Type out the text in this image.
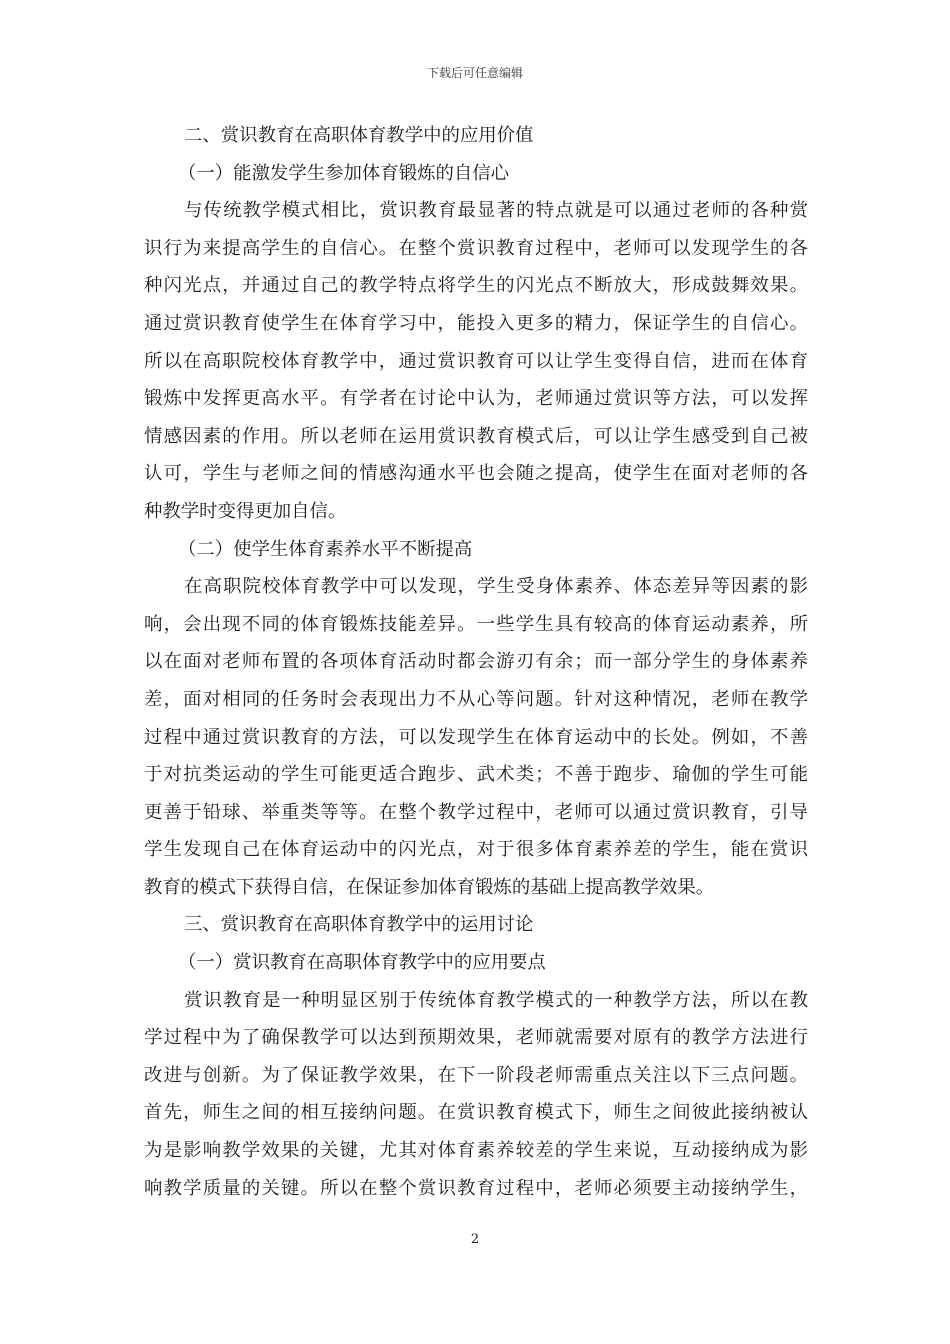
下载后可任意编辑
二、赏识教育在高职体育教学中的应用价值
（一）能激发学生参加体育锻炼的自信心
与传统教学模式相比，赏识教育最显著的特点就是可以通过老师的各种赏
识行为来提高学生的自信心。在整个赏识教育过程中，老师可以发现学生的各
种闪光点，并通过自己的教学特点将学生的闪光点不断放大，形成鼓舞效果。
通过赏识教育使学生在体育学习中，能投入更多的精力，保证学生的自信心。
所以在高职院校体育教学中，通过赏识教育可以让学生变得自信，进而在体育
锻炼中发挥更高水平。有学者在讨论中认为，老师通过赏识等方法，可以发挥
情感因素的作用。所以老师在运用赏识教育模式后，可以让学生感受到自己被
认可，学生与老师之间的情感沟通水平也会随之提高，使学生在面对老师的各
种教学时变得更加自信。
（二）使学生体育素养水平不断提高
在高职院校体育教学中可以发现，学生受身体素养、体态差异等因素的影
响，会出现不同的体育锻炼技能差异。一些学生具有较高的体育运动素养，所
以在面对老师布置的各项体育活动时都会游刃有余；而一部分学生的身体素养
差，面对相同的任务时会表现出力不从心等问题。针对这种情况，老师在教学
过程中通过赏识教育的方法，可以发现学生在体育运动中的长处。例如，不善
于对抗类运动的学生可能更适合跑步、武术类；不善于跑步、瑜伽的学生可能
更善于铅球、举重类等等。在整个教学过程中，老师可以通过赏识教育，引导
学生发现自己在体育运动中的闪光点，对于很多体育素养差的学生，能在赏识
教育的模式下获得自信，在保证参加体育锻炼的基础上提高教学效果。
三、赏识教育在高职体育教学中的运用讨论
（一）赏识教育在高职体育教学中的应用要点
赏识教育是一种明显区别于传统体育教学模式的一种教学方法，所以在教
学过程中为了确保教学可以达到预期效果，老师就需要对原有的教学方法进行
改进与创新。为了保证教学效果，在下一阶段老师需重点关注以下三点问题。
首先，师生之间的相互接纳问题。在赏识教育模式下，师生之间彼此接纳被认
为是影响教学效果的关键，尤其对体育素养较差的学生来说，互动接纳成为影
响教学质量的关键。所以在整个赏识教育过程中，老师必须要主动接纳学生，
2
